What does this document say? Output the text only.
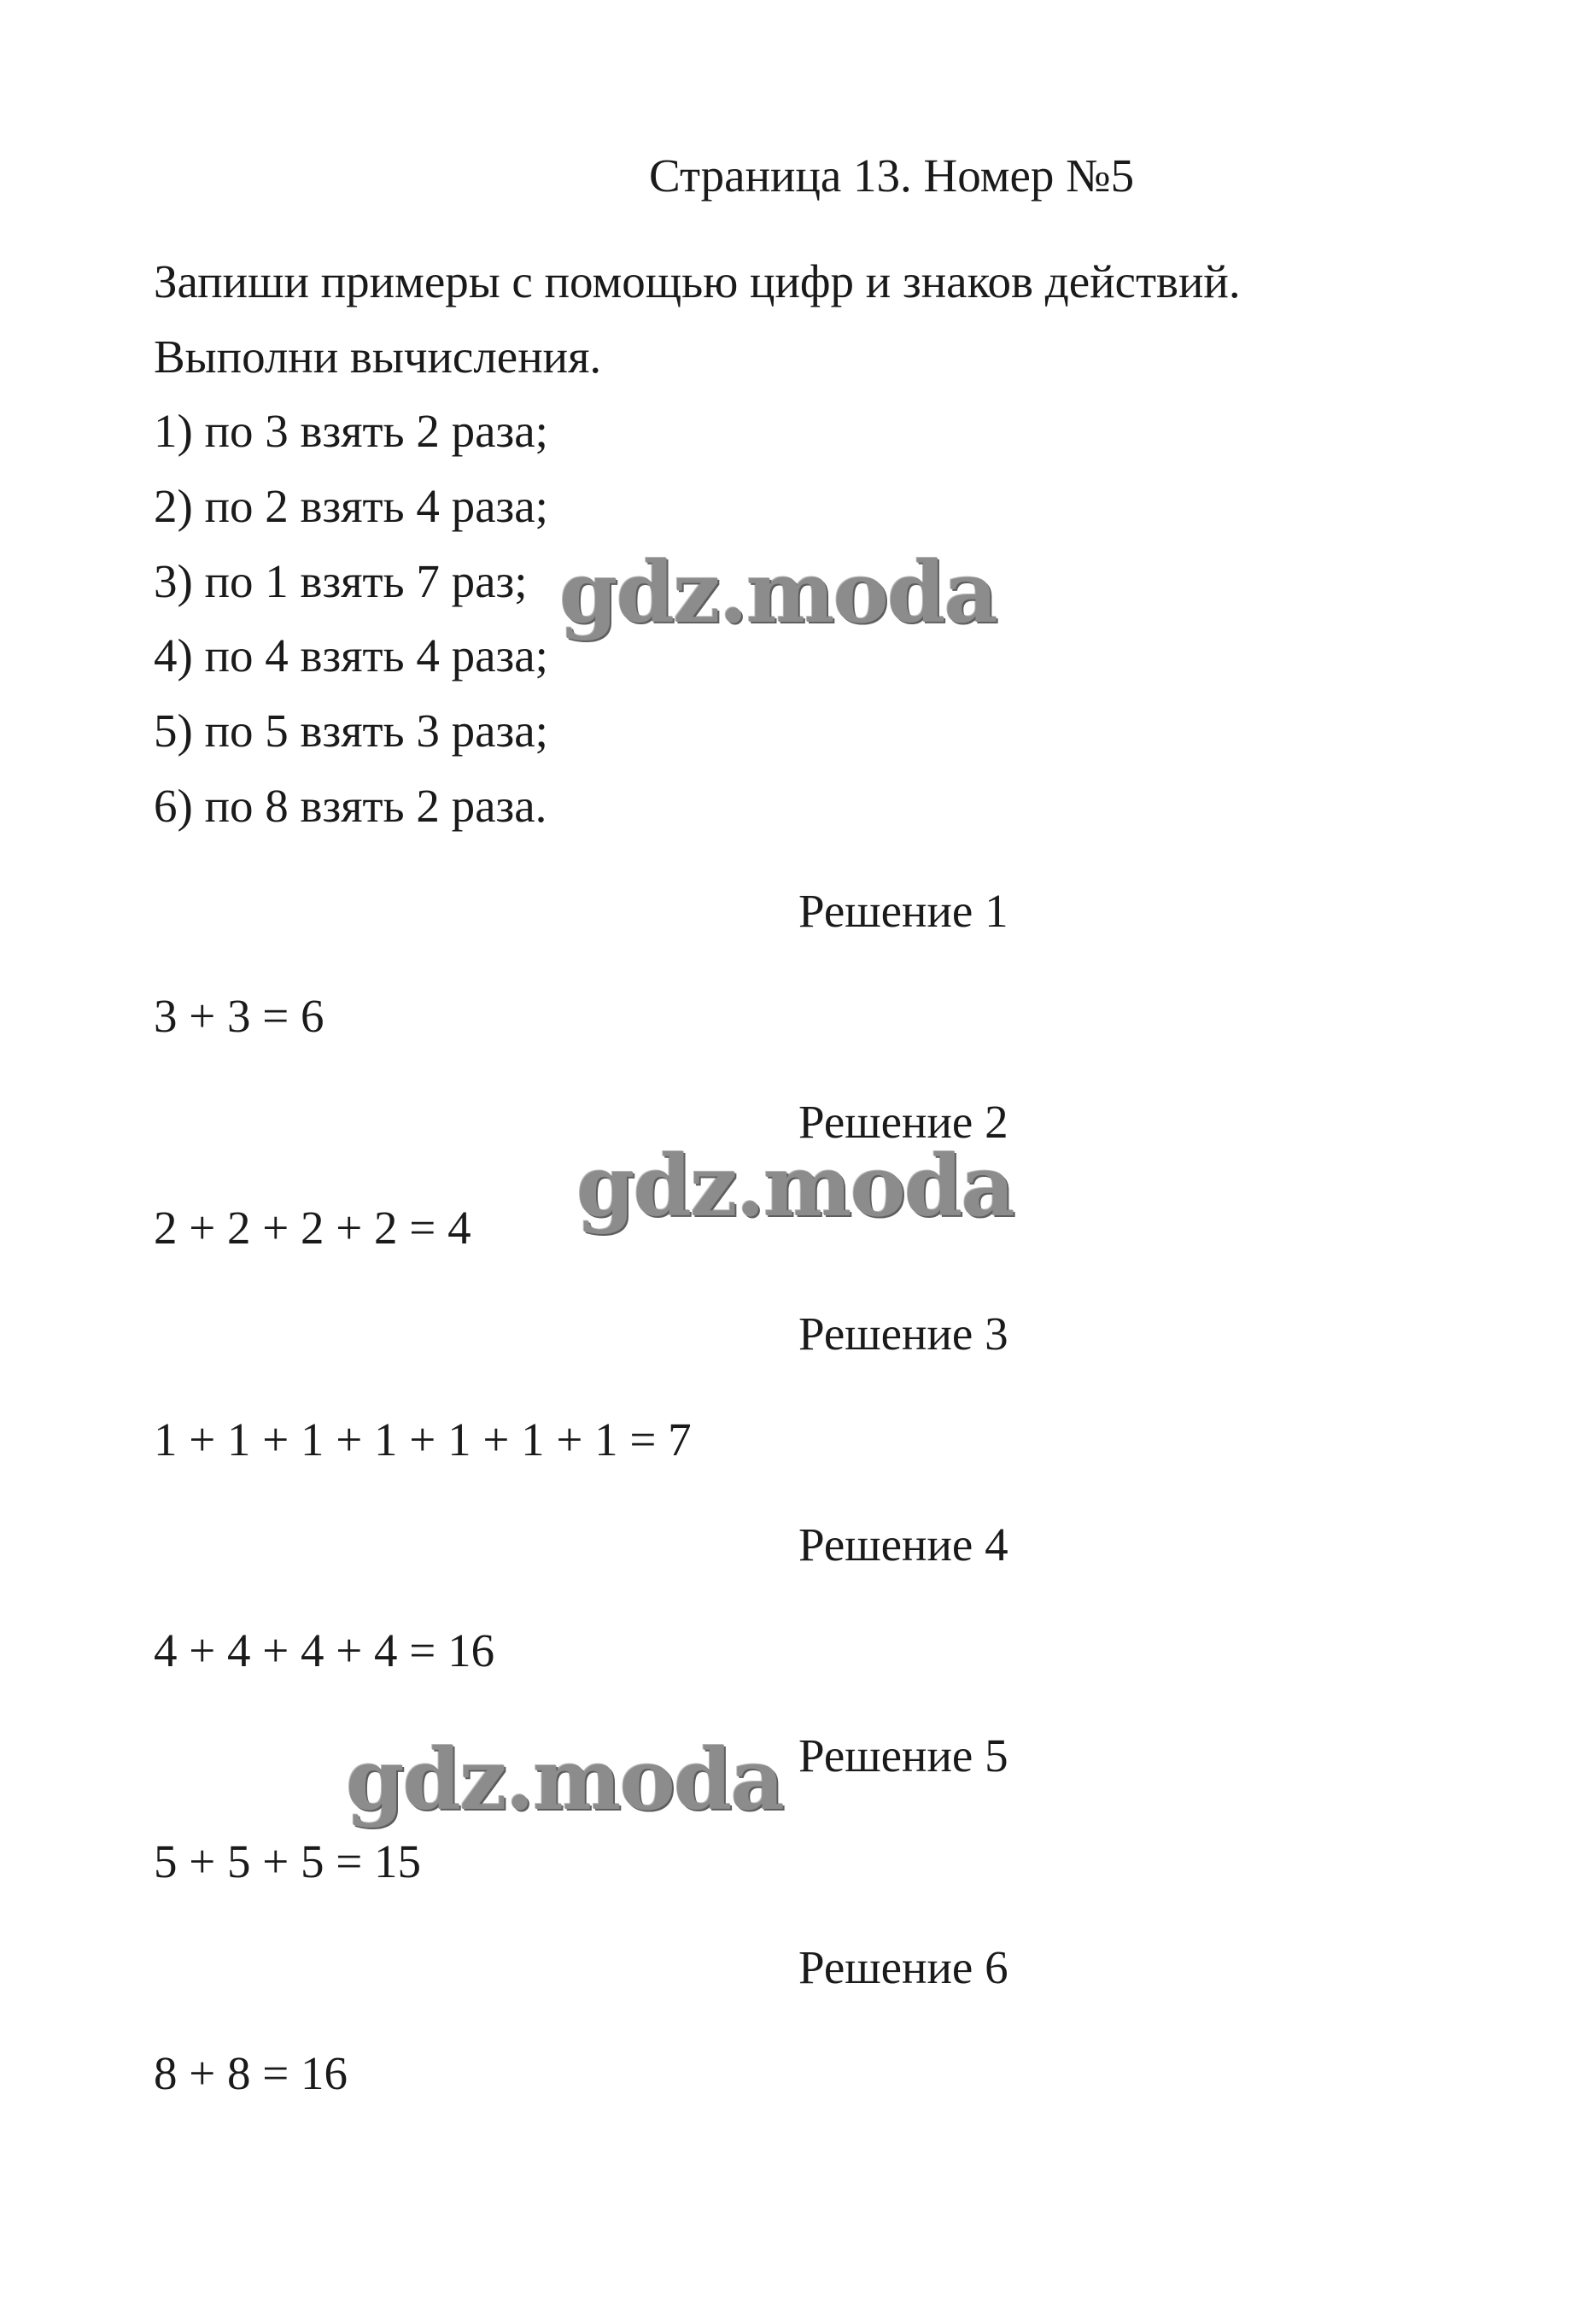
Страница 13. Номер №5
Запиши примеры с помощью цифр и знаков действий.
Выполни вычисления.
1) по 3 взять 2 раза;
2) по 2 взять 4 раза;
3) по 1 взять 7 раз;
4) по 4 взять 4 раза;
5) по 5 взять 3 раза;
6) по 8 взять 2 раза.
Решение 1
3 + 3 = 6
Решение 2
2 + 2 + 2 + 2 = 4
Решение 3
1 + 1 + 1 + 1 + 1 + 1 + 1 = 7
Решение 4
4 + 4 + 4 + 4 = 16
Решение 5
5 + 5 + 5 = 15
Решение 6
8 + 8 = 16
gdz.moda
gdz.moda
gdz.moda
